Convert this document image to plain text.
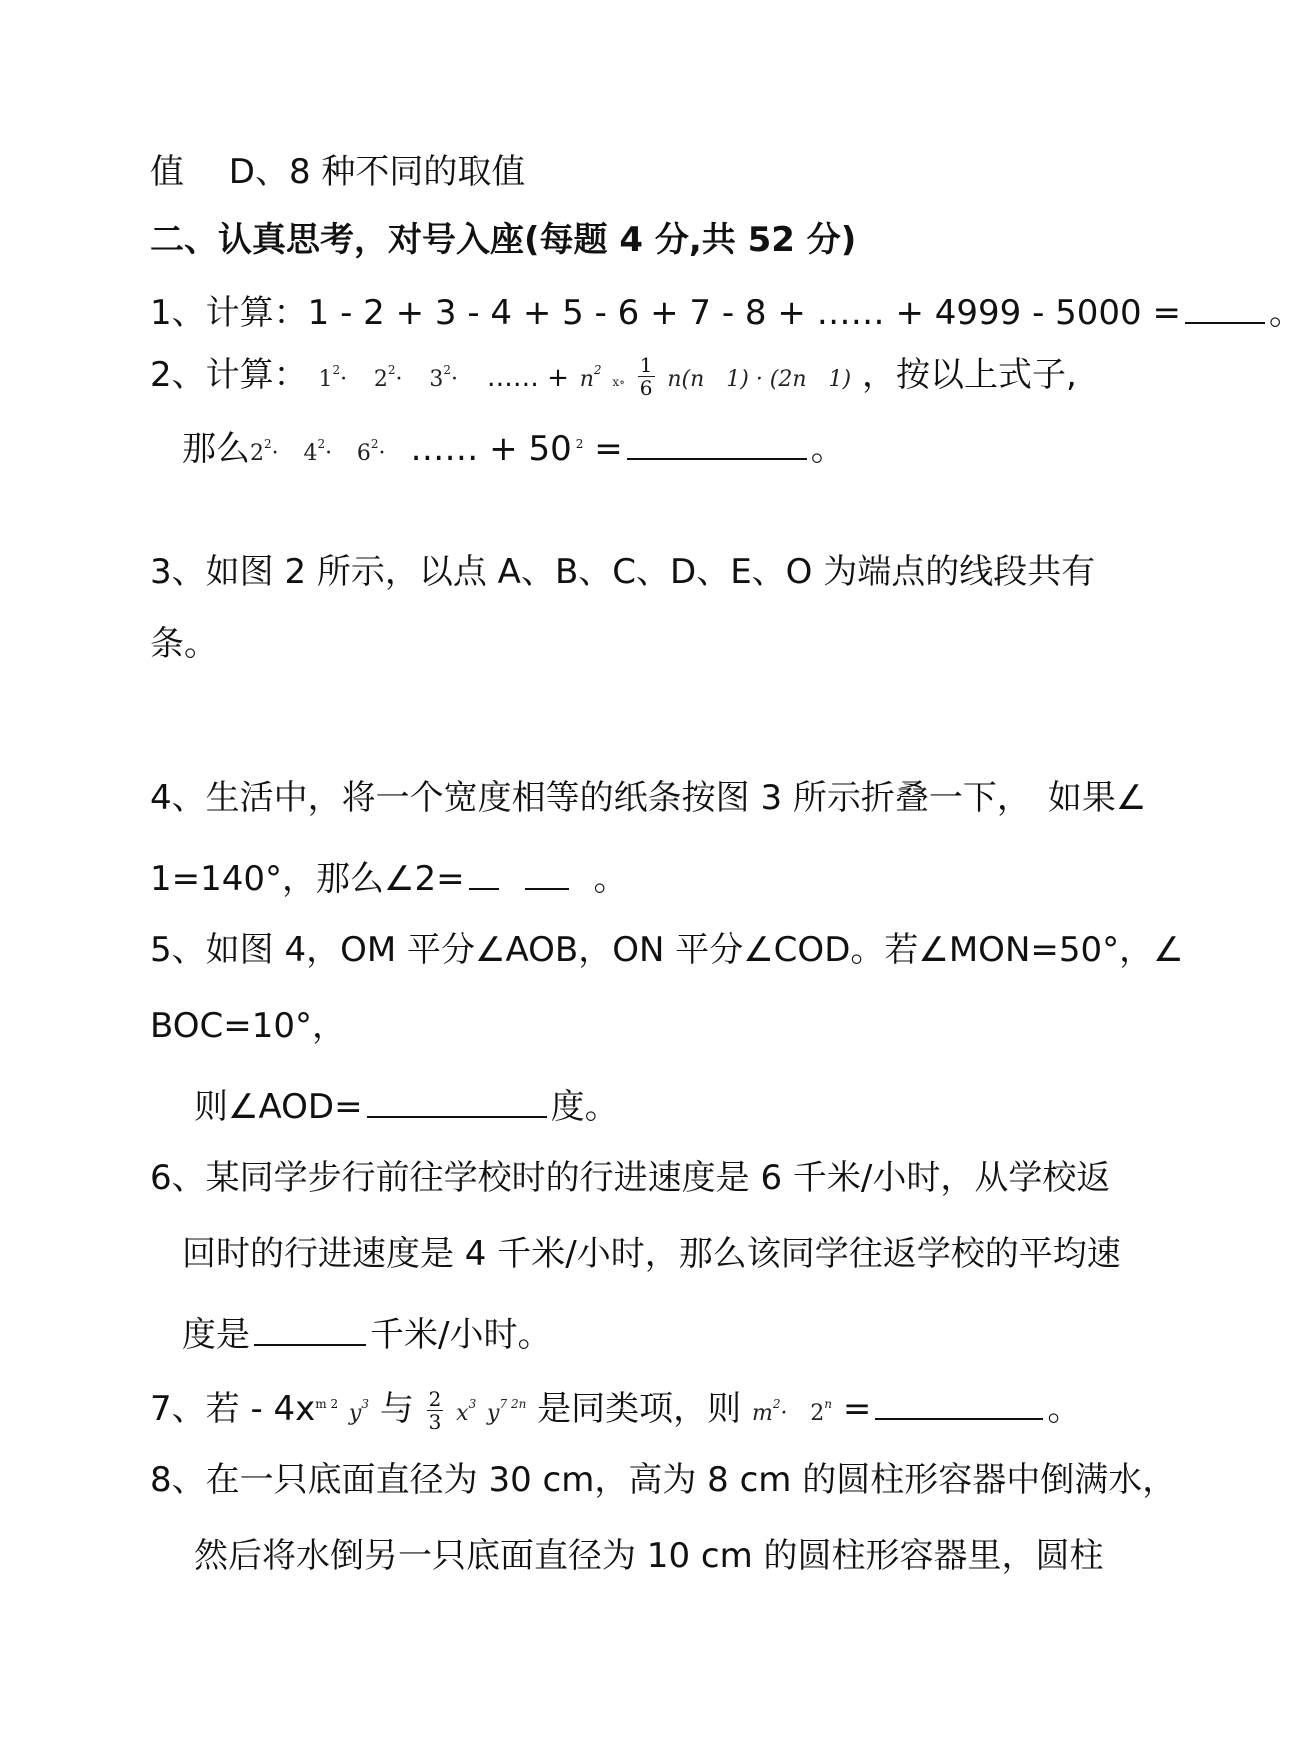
值　 D、8 种不同的取值
二、认真思考，对号入座(每题 4 分,共 52 分)
1、计算：1 - 2 + 3 - 4 + 5 - 6 + 7 - 8 + …… + 4999 - 5000 =	。
2、计算： $1^2\cdot 2^2\cdot 3^2\cdot$ …… + $n^2$ x∘ $\frac{1}{6} n(n$　1) · (2n　1) ，按以上式子,
那么$2^2\cdot 4^2\cdot 6^2\cdot$ …… + 50 $^2$ =	。
3、如图 2 所示，以点 A、B、C、D、E、O 为端点的线段共有
条。
4、生活中，将一个宽度相等的纸条按图 3 所示折叠一下，　如果∠
1=140°，那么∠2=	。
5、如图 4，OM 平分∠AOB，ON 平分∠COD。若∠MON=50°，∠
BOC=10°，
则∠AOD=	度。
6、某同学步行前往学校时的行进速度是 6 千米/小时，从学校返
回时的行进速度是 4 千米/小时，那么该同学往返学校的平均速
度是	千米/小时。
7、若 - $4x^{m 2}$ $y^3$ 与 $\frac{2}{3} x^3$ $y^{7 2n}$ 是同类项，则 $m^2\cdot 2^n$ =	。
8、在一只底面直径为 30 cm，高为 8 cm 的圆柱形容器中倒满水，
然后将水倒另一只底面直径为 10 cm 的圆柱形容器里，圆柱
